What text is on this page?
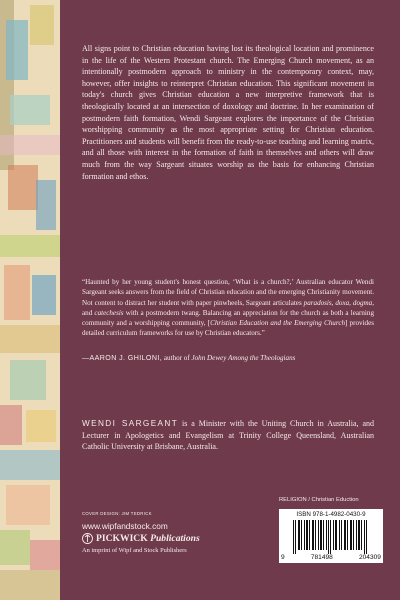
All signs point to Christian education having lost its theological location and prominence in the life of the Western Protestant church. The Emerging Church movement, as an intentionally postmodern approach to ministry in the contemporary context, may, however, offer insights to reinterpret Christian education. This significant movement in today's church gives Christian education a new interpretive framework that is theologically located at an intersection of doxology and doctrine. In her examination of postmodern faith formation, Wendi Sargeant explores the importance of the Christian worshipping community as the most appropriate setting for Christian education. Practitioners and students will benefit from the ready-to-use teaching and learning matrix, and all those with interest in the formation of faith in themselves and others will draw much from the way Sargeant situates worship as the basis for enhancing Christian formation and ethos.

“Haunted by her young student's honest question, ‘What is a church?,’ Australian educator Wendi Sargeant seeks answers from the field of Christian education and the emerging Christianity movement. Not content to distract her student with paper pinwheels, Sargeant articulates paradosis, doxa, dogma, and catechesis with a postmodern twang. Balancing an appreciation for the church as both a learning community and a worshipping community, [Christian Education and the Emerging Church] provides detailed curriculum frameworks for use by Christian educators.”

—AARON J. GHILONI, author of John Dewey Among the Theologians

WENDI SARGEANT is a Minister with the Uniting Church in Australia, and Lecturer in Apologetics and Evangelism at Trinity College Queensland, Australian Catholic University at Brisbane, Australia.

COVER DESIGN: JIM TEDRICK
www.wipfandstock.com
PICKWICK Publications
An imprint of Wipf and Stock Publishers
RELIGION / Christian Eduction
ISBN 978-1-4982-0430-9
9	781498	204309
